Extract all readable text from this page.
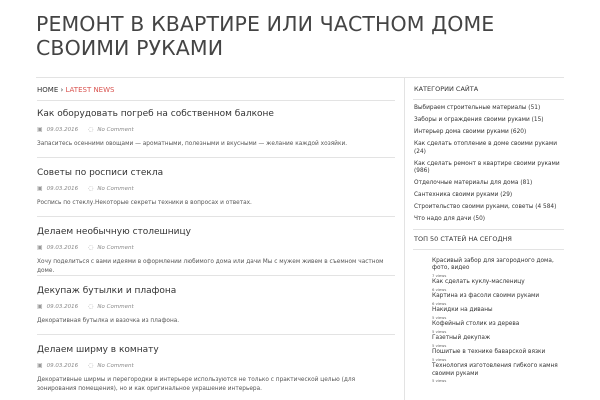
РЕМОНТ В КВАРТИРЕ ИЛИ ЧАСТНОМ ДОМЕ СВОИМИ РУКАМИ
HOME › LATEST NEWS
Как оборудовать погреб на собственном балконе
▣ 09.03.2016 ◌ No Comment
Запаситесь осенними овощами — ароматными, полезными и вкусными — желание каждой хозяйки.
Советы по росписи стекла
▣ 09.03.2016 ◌ No Comment
Роспись по стеклу.Некоторые секреты техники в вопросах и ответах.
Делаем необычную столешницу
▣ 09.03.2016 ◌ No Comment
Хочу поделиться с вами идеями в оформлении любимого дома или дачи Мы с мужем живем в съемном частном доме.
Декупаж бутылки и плафона
▣ 09.03.2016 ◌ No Comment
Декоративная бутылка и вазочка из плафона.
Делаем ширму в комнату
▣ 09.03.2016 ◌ No Comment
Декоративные ширмы и перегородки в интерьере используются не только с практической целью (для зонирования помещения), но и как оригинальное украшение интерьера.
КАТЕГОРИИ САЙТА
Выбираем строительные материалы (51)
Заборы и ограждения своими руками (15)
Интерьер дома своими руками (620)
Как сделать отопление в доме своими руками (24)
Как сделать ремонт в квартире своими руками (986)
Отделочные материалы для дома (81)
Сантехника своими руками (29)
Строительство своими руками, советы (4 584)
Что надо для дачи (50)
ТОП 50 СТАТЕЙ НА СЕГОДНЯ
Красивый забор для загородного дома, фото, видео
7 views
Как сделать куклу-масленицу
6 views
Картина из фасоли своими руками
6 views
Накидки на диваны
5 views
Кофейный столик из дерева
5 views
Газетный декупаж
5 views
Пошитые в технике баварской вязки
5 views
Технология изготовления гибкого камня своими руками
5 views
